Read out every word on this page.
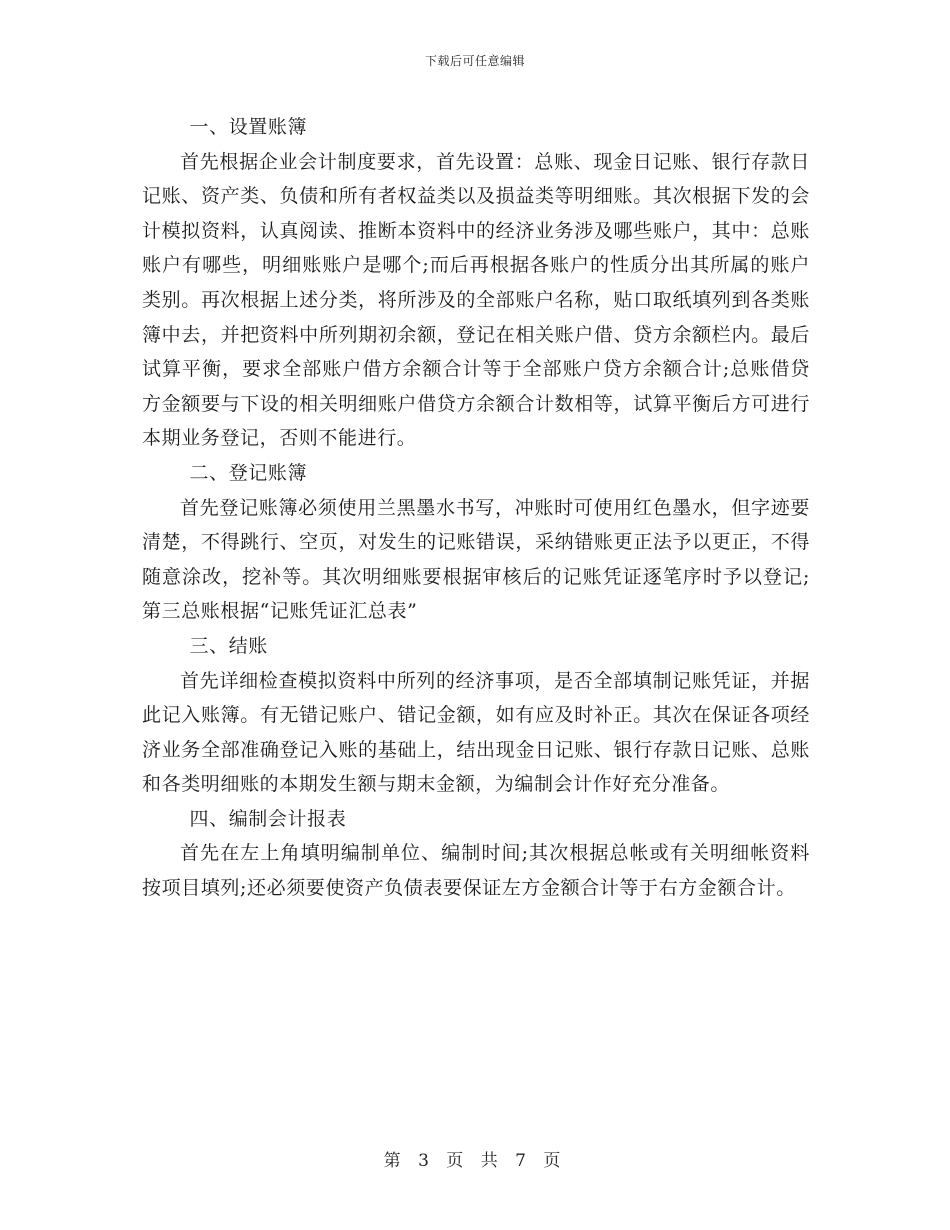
下载后可任意编辑

一、设置账簿

首先根据企业会计制度要求，首先设置：总账、现金日记账、银行存款日记账、资产类、负债和所有者权益类以及损益类等明细账。其次根据下发的会计模拟资料，认真阅读、推断本资料中的经济业务涉及哪些账户，其中：总账账户有哪些，明细账账户是哪个;而后再根据各账户的性质分出其所属的账户类别。再次根据上述分类，将所涉及的全部账户名称，贴口取纸填列到各类账簿中去，并把资料中所列期初余额，登记在相关账户借、贷方余额栏内。最后试算平衡，要求全部账户借方余额合计等于全部账户贷方余额合计;总账借贷方金额要与下设的相关明细账户借贷方余额合计数相等，试算平衡后方可进行本期业务登记，否则不能进行。

二、登记账簿

首先登记账簿必须使用兰黑墨水书写，冲账时可使用红色墨水，但字迹要清楚，不得跳行、空页，对发生的记账错误，采纳错账更正法予以更正，不得随意涂改，挖补等。其次明细账要根据审核后的记账凭证逐笔序时予以登记;第三总账根据“记账凭证汇总表”

三、结账

首先详细检查模拟资料中所列的经济事项，是否全部填制记账凭证，并据此记入账簿。有无错记账户、错记金额，如有应及时补正。其次在保证各项经济业务全部准确登记入账的基础上，结出现金日记账、银行存款日记账、总账和各类明细账的本期发生额与期末金额，为编制会计作好充分准备。

四、编制会计报表

首先在左上角填明编制单位、编制时间;其次根据总帐或有关明细帐资料按项目填列;还必须要使资产负债表要保证左方金额合计等于右方金额合计。

第 3 页 共 7 页
